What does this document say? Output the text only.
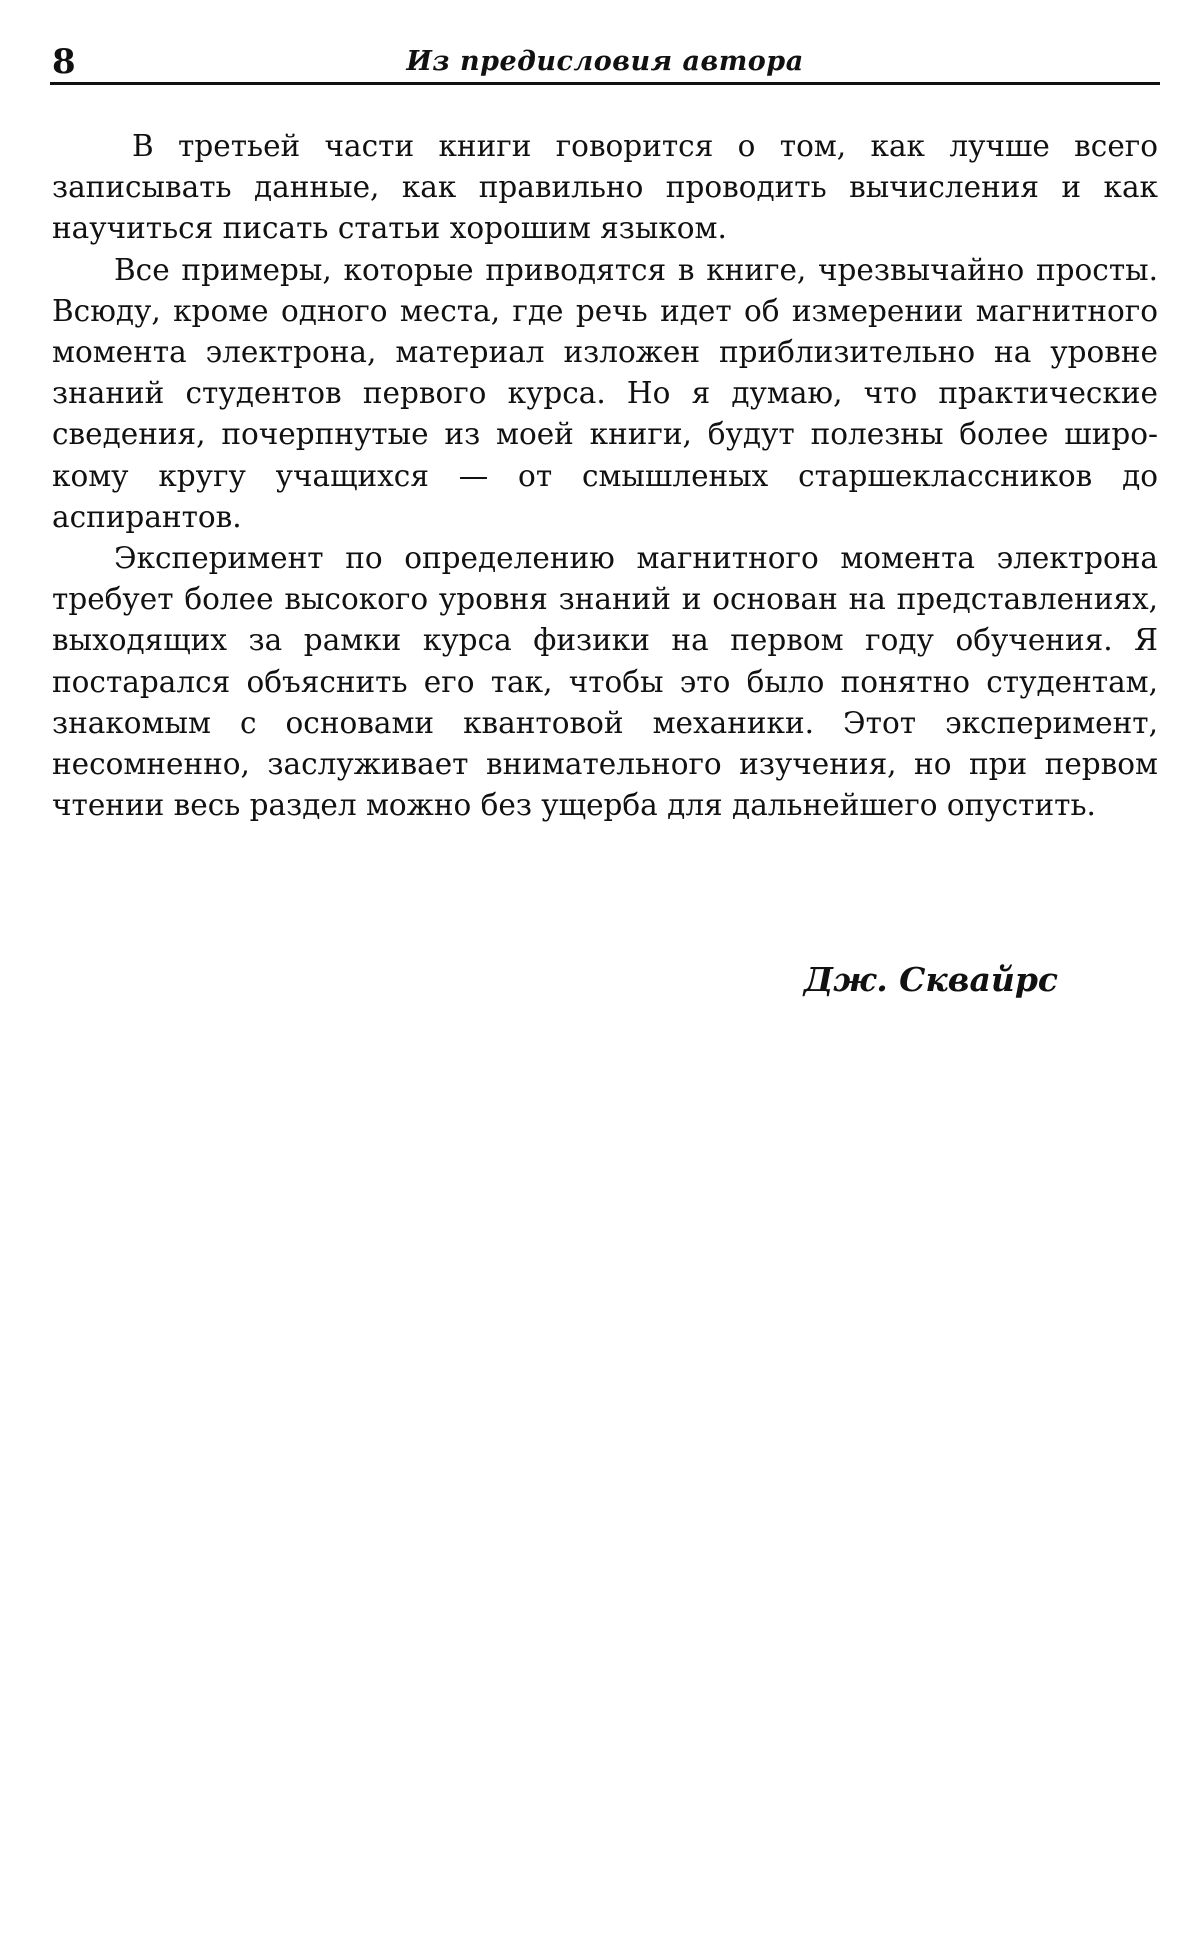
8	Из предисловия автора

В третьей части книги говорится о том, как лучше всего записывать данные, как правильно проводить вычисления и как научиться писать статьи хорошим языком.

Все примеры, которые приводятся в книге, чрезвычайно просты. Всюду, кроме одного места, где речь идет об измерении магнитного момента электрона, материал изложен приблизительно на уровне знаний студентов первого курса. Но я думаю, что практические сведения, почерпнутые из моей книги, будут полезны более широкому кругу учащихся — от смышленых старшеклассников до аспирантов.

Эксперимент по определению магнитного момента электрона требует более высокого уровня знаний и основан на представлениях, выходящих за рамки курса физики на первом году обучения. Я постарался объяснить его так, чтобы это было понятно студентам, знакомым с основами квантовой механики. Этот эксперимент, несомненно, заслуживает внимательного изучения, но при первом чтении весь раздел можно без ущерба для дальнейшего опустить.

Дж. Сквайрс
